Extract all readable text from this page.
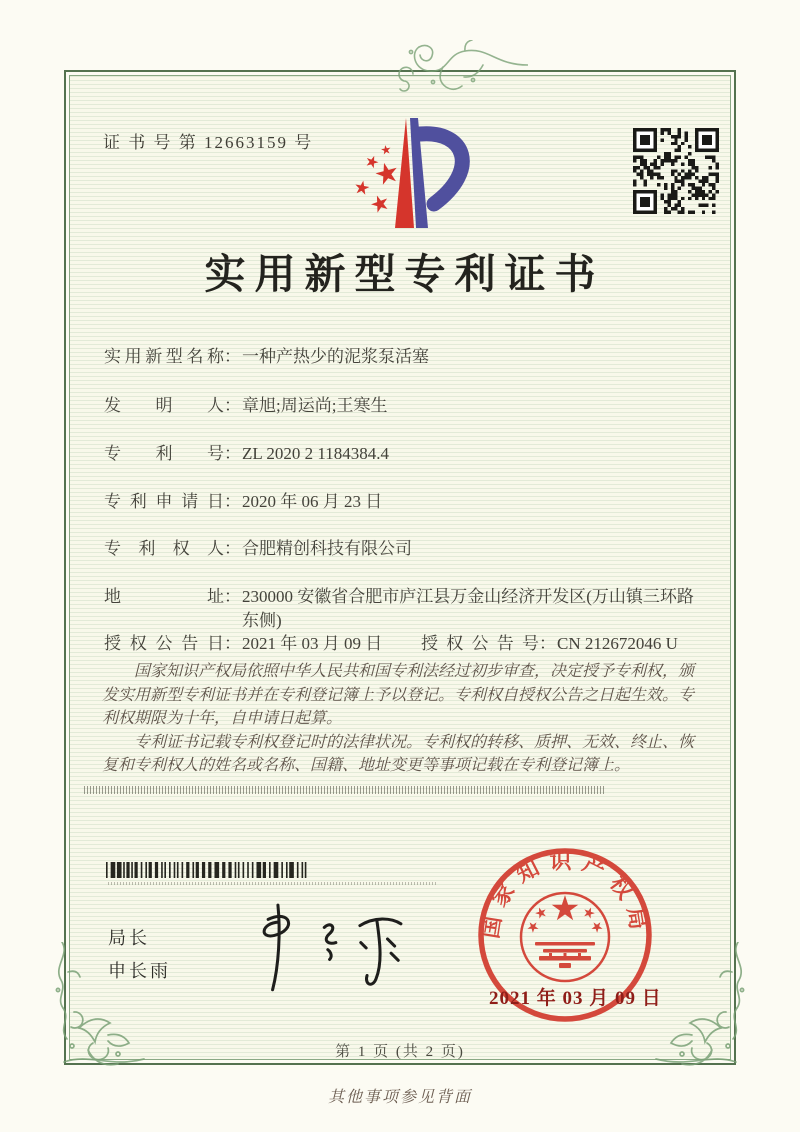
证 书 号 第 12663159 号
实用新型专利证书
实用新型名称 ： 一种产热少的泥浆泵活塞
发明人 ： 章旭;周运尚;王寒生
专利号 ： ZL 2020 2 1184384.4
专利申请日 ： 2020 年 06 月 23 日
专利权人 ： 合肥精创科技有限公司
地址 ： 230000 安徽省合肥市庐江县万金山经济开发区(万山镇三环路东侧)
授权公告日 ： 2021 年 03 月 09 日	授权公告号 ： CN 212672046 U

国家知识产权局依照中华人民共和国专利法经过初步审查，决定授予专利权，颁发实用新型专利证书并在专利登记簿上予以登记。专利权自授权公告之日起生效。专利权期限为十年，自申请日起算。

专利证书记载专利权登记时的法律状况。专利权的转移、质押、无效、终止、恢复和专利权人的姓名或名称、国籍、地址变更等事项记载在专利登记簿上。

局长
申长雨
国家知识产权局
2021 年 03 月 09 日
第 1 页 (共 2 页)
其他事项参见背面
